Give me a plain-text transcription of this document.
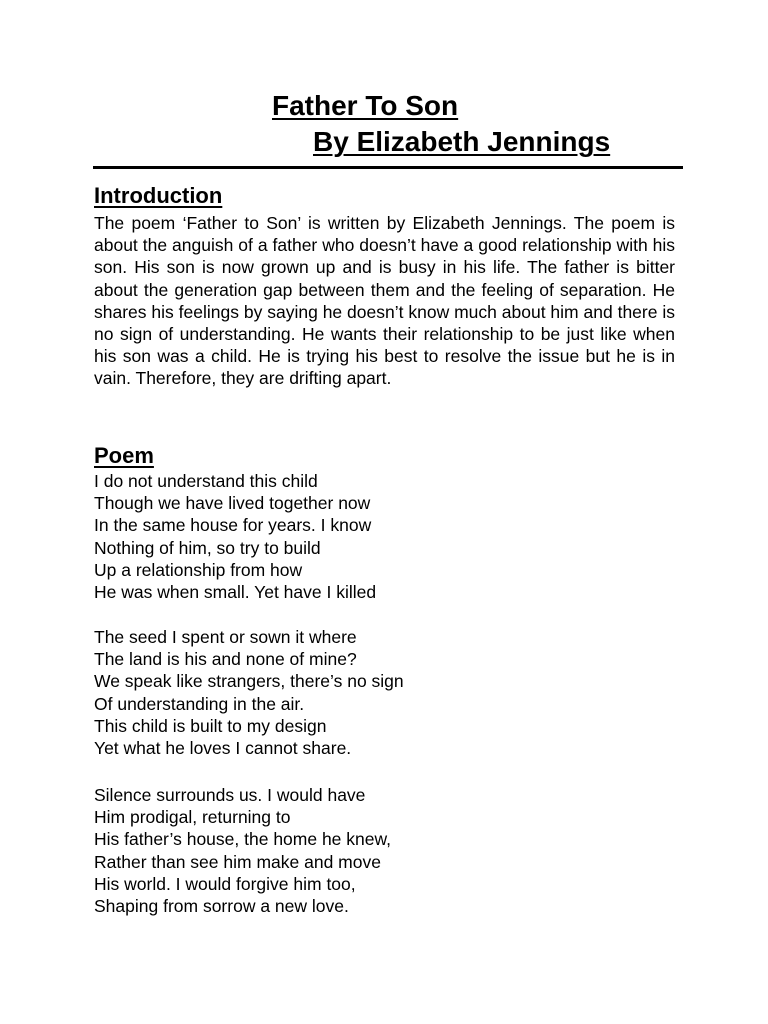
Father To Son
By Elizabeth Jennings
Introduction

The poem ‘Father to Son’ is written by Elizabeth Jennings. The poem is about the anguish of a father who doesn’t have a good relationship with his son. His son is now grown up and is busy in his life. The father is bitter about the generation gap between them and the feeling of separation. He shares his feelings by saying he doesn’t know much about him and there is no sign of understanding. He wants their relationship to be just like when his son was a child. He is trying his best to resolve the issue but he is in vain. Therefore, they are drifting apart.

Poem
I do not understand this child
Though we have lived together now
In the same house for years. I know
Nothing of him, so try to build
Up a relationship from how
He was when small. Yet have I killed
The seed I spent or sown it where
The land is his and none of mine?
We speak like strangers, there’s no sign
Of understanding in the air.
This child is built to my design
Yet what he loves I cannot share.
Silence surrounds us. I would have
Him prodigal, returning to
His father’s house, the home he knew,
Rather than see him make and move
His world. I would forgive him too,
Shaping from sorrow a new love.
